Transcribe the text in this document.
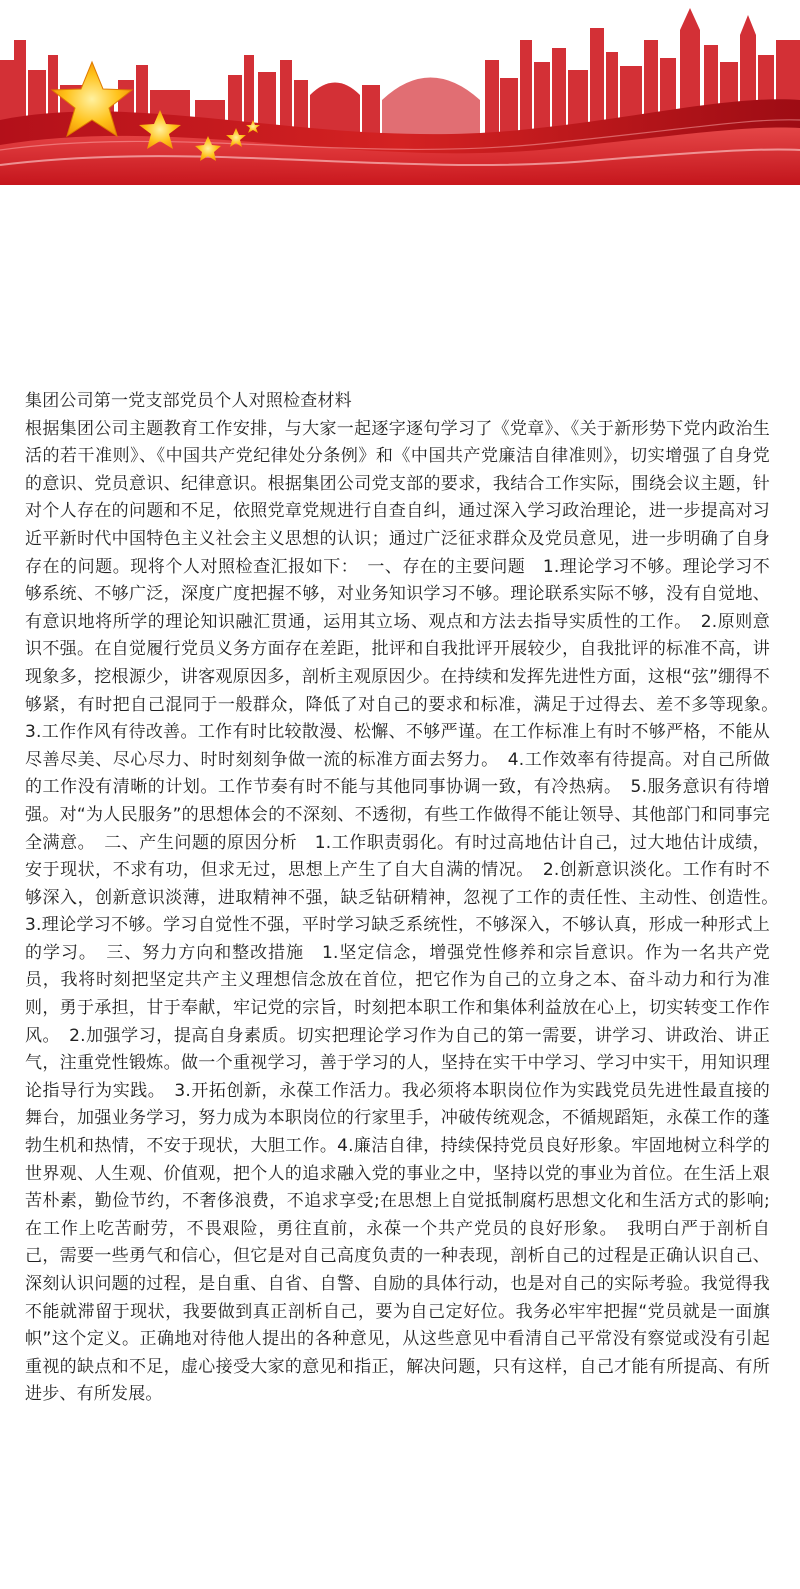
集团公司第一党支部党员个人对照检查材料

根据集团公司主题教育工作安排，与大家一起逐字逐句学习了《党章》、《关于新形势下党内政治生活的若干准则》、《中国共产党纪律处分条例》和《中国共产党廉洁自律准则》，切实增强了自身党的意识、党员意识、纪律意识。根据集团公司党支部的要求，我结合工作实际，围绕会议主题，针对个人存在的问题和不足，依照党章党规进行自查自纠，通过深入学习政治理论，进一步提高对习近平新时代中国特色主义社会主义思想的认识；通过广泛征求群众及党员意见，进一步明确了自身存在的问题。现将个人对照检查汇报如下：　一、存在的主要问题　1.理论学习不够。理论学习不够系统、不够广泛，深度广度把握不够，对业务知识学习不够。理论联系实际不够，没有自觉地、有意识地将所学的理论知识融汇贯通，运用其立场、观点和方法去指导实质性的工作。　2.原则意识不强。在自觉履行党员义务方面存在差距，批评和自我批评开展较少，自我批评的标准不高，讲现象多，挖根源少，讲客观原因多，剖析主观原因少。在持续和发挥先进性方面，这根“弦”绷得不够紧，有时把自己混同于一般群众，降低了对自己的要求和标准，满足于过得去、差不多等现象。　3.工作作风有待改善。工作有时比较散漫、松懈、不够严谨。在工作标准上有时不够严格，不能从尽善尽美、尽心尽力、时时刻刻争做一流的标准方面去努力。　4.工作效率有待提高。对自己所做的工作没有清晰的计划。工作节奏有时不能与其他同事协调一致，有冷热病。　5.服务意识有待增强。对“为人民服务”的思想体会的不深刻、不透彻，有些工作做得不能让领导、其他部门和同事完全满意。　二、产生问题的原因分析　1.工作职责弱化。有时过高地估计自己，过大地估计成绩，安于现状，不求有功，但求无过，思想上产生了自大自满的情况。　2.创新意识淡化。工作有时不够深入，创新意识淡薄，进取精神不强，缺乏钻研精神，忽视了工作的责任性、主动性、创造性。　3.理论学习不够。学习自觉性不强，平时学习缺乏系统性，不够深入，不够认真，形成一种形式上的学习。　三、努力方向和整改措施　1.坚定信念，增强党性修养和宗旨意识。作为一名共产党员，我将时刻把坚定共产主义理想信念放在首位，把它作为自己的立身之本、奋斗动力和行为准则，勇于承担，甘于奉献，牢记党的宗旨，时刻把本职工作和集体利益放在心上，切实转变工作作风。　2.加强学习，提高自身素质。切实把理论学习作为自己的第一需要，讲学习、讲政治、讲正气，注重党性锻炼。做一个重视学习，善于学习的人，坚持在实干中学习、学习中实干，用知识理论指导行为实践。　3.开拓创新，永葆工作活力。我必须将本职岗位作为实践党员先进性最直接的舞台，加强业务学习，努力成为本职岗位的行家里手，冲破传统观念，不循规蹈矩，永葆工作的蓬勃生机和热情，不安于现状，大胆工作。4.廉洁自律，持续保持党员良好形象。牢固地树立科学的世界观、人生观、价值观，把个人的追求融入党的事业之中，坚持以党的事业为首位。在生活上艰苦朴素，勤俭节约，不奢侈浪费，不追求享受;在思想上自觉抵制腐朽思想文化和生活方式的影响;在工作上吃苦耐劳，不畏艰险，勇往直前，永葆一个共产党员的良好形象。　我明白严于剖析自己，需要一些勇气和信心，但它是对自己高度负责的一种表现，剖析自己的过程是正确认识自己、深刻认识问题的过程，是自重、自省、自警、自励的具体行动，也是对自己的实际考验。我觉得我不能就滞留于现状，我要做到真正剖析自己，要为自己定好位。我务必牢牢把握“党员就是一面旗帜”这个定义。正确地对待他人提出的各种意见，从这些意见中看清自己平常没有察觉或没有引起重视的缺点和不足，虚心接受大家的意见和指正，解决问题，只有这样，自己才能有所提高、有所进步、有所发展。
